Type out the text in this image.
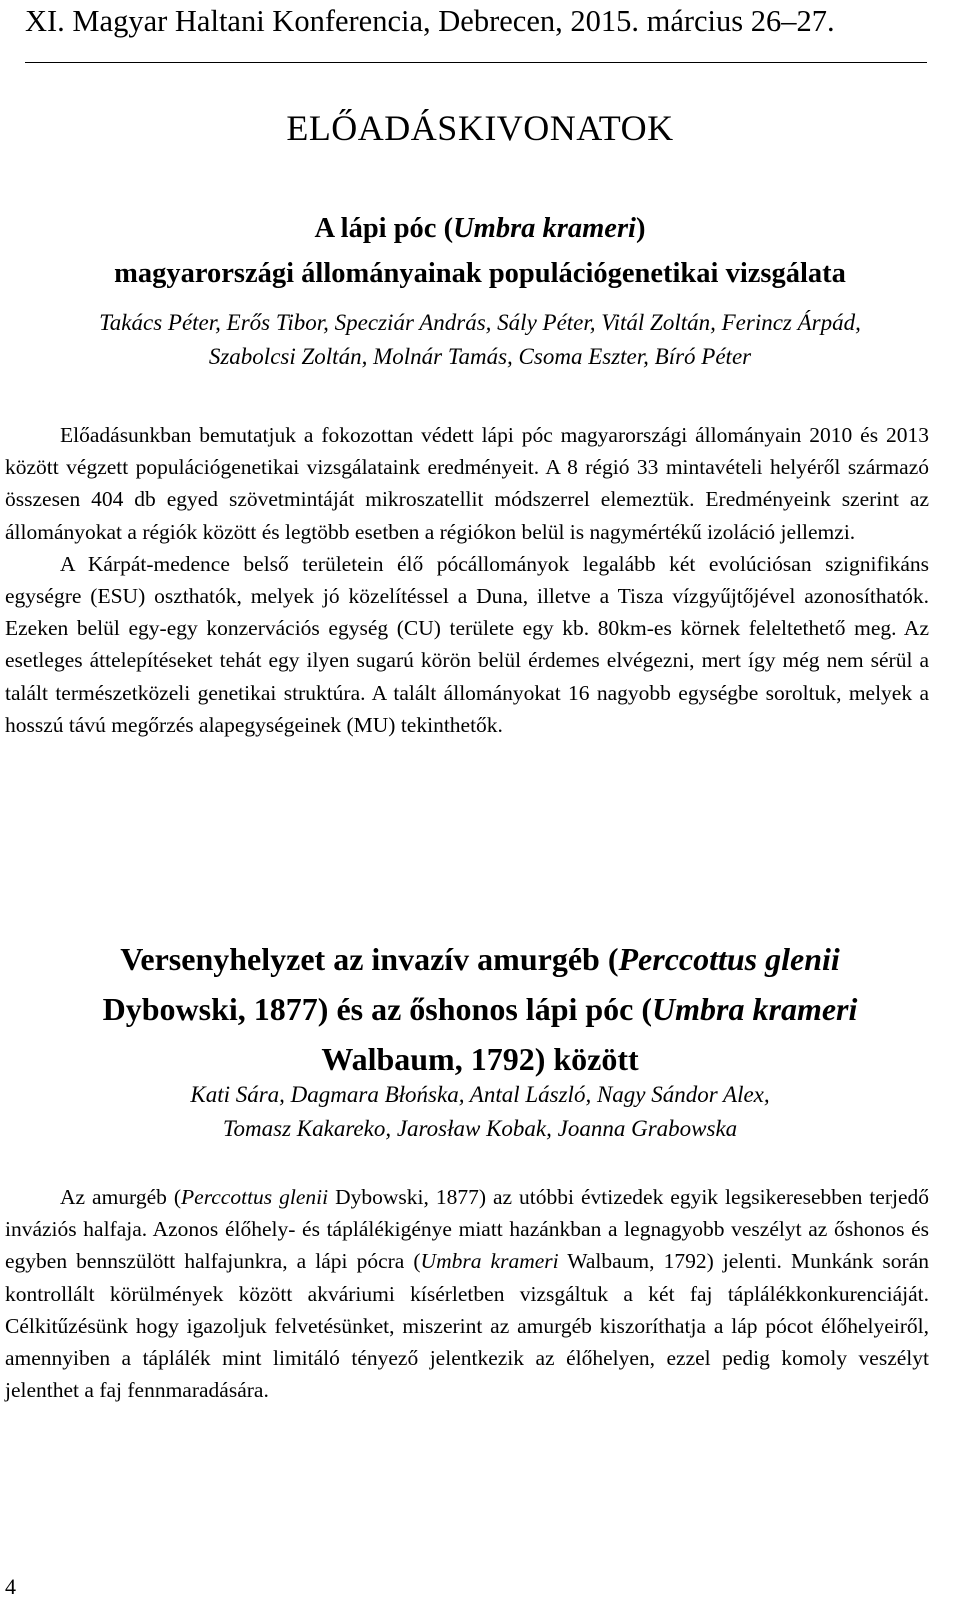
XI. Magyar Haltani Konferencia, Debrecen, 2015. március 26–27.
ELŐADÁSKIVONATOK
A lápi póc (Umbra krameri)
magyarországi állományainak populációgenetikai vizsgálata
Takács Péter, Erős Tibor, Specziár András, Sály Péter, Vitál Zoltán, Ferincz Árpád,
Szabolcsi Zoltán, Molnár Tamás, Csoma Eszter, Bíró Péter

Előadásunkban bemutatjuk a fokozottan védett lápi póc magyarországi állományain 2010 és 2013 között végzett populációgenetikai vizsgálataink eredményeit. A 8 régió 33 mintavételi helyéről származó összesen 404 db egyed szövetmintáját mikroszatellit módszerrel elemeztük. Eredményeink szerint az állományokat a régiók között és legtöbb esetben a régiókon belül is nagymértékű izoláció jellemzi.

A Kárpát-medence belső területein élő pócállományok legalább két evolúciósan szignifikáns egységre (ESU) oszthatók, melyek jó közelítéssel a Duna, illetve a Tisza vízgyűjtőjével azonosíthatók. Ezeken belül egy-egy konzervációs egység (CU) területe egy kb. 80km-es körnek feleltethető meg. Az esetleges áttelepítéseket tehát egy ilyen sugarú körön belül érdemes elvégezni, mert így még nem sérül a talált természetközeli genetikai struktúra. A talált állományokat 16 nagyobb egységbe soroltuk, melyek a hosszú távú megőrzés alapegységeinek (MU) tekinthetők.

Versenyhelyzet az invazív amurgéb (Perccottus glenii
Dybowski, 1877) és az őshonos lápi póc (Umbra krameri
Walbaum, 1792) között
Kati Sára, Dagmara Błońska, Antal László, Nagy Sándor Alex,
Tomasz Kakareko, Jarosław Kobak, Joanna Grabowska

Az amurgéb (Perccottus glenii Dybowski, 1877) az utóbbi évtizedek egyik legsikeresebben terjedő inváziós halfaja. Azonos élőhely- és táplálékigénye miatt hazánkban a legnagyobb veszélyt az őshonos és egyben bennszülött halfajunkra, a lápi pócra (Umbra krameri Walbaum, 1792) jelenti. Munkánk során kontrollált körülmények között akváriumi kísérletben vizsgáltuk a két faj táplálékkonkurenciáját. Célkitűzésünk hogy igazoljuk felvetésünket, miszerint az amurgéb kiszoríthatja a láp pócot élőhelyeiről, amennyiben a táplálék mint limitáló tényező jelentkezik az élőhelyen, ezzel pedig komoly veszélyt jelenthet a faj fennmaradására.

4
